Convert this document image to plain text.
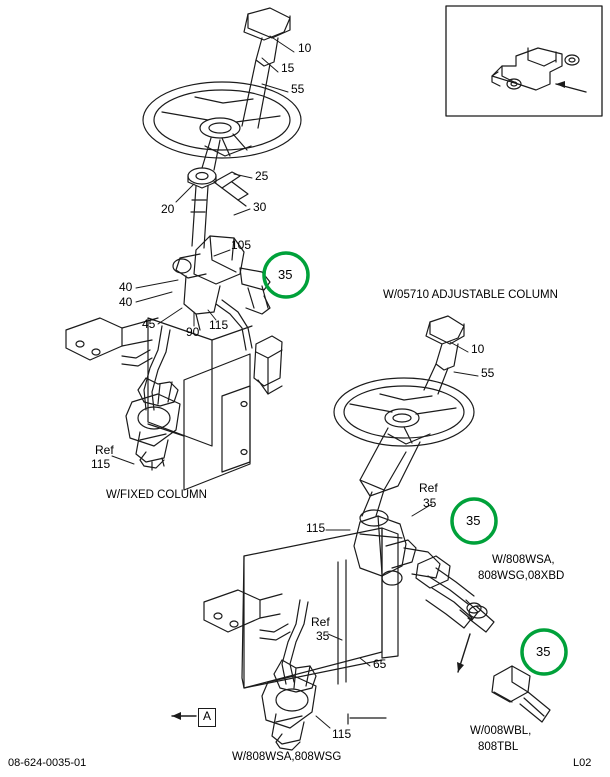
10
15
55
25
20	30
105
40
40
45
90 115
Ref
115
10
55
Ref
35
115
Ref
35
65
115
35
35
35
A
W/FIXED COLUMN
W/05710 ADJUSTABLE COLUMN
W/808WSA,808WSG
W/808WSA,
808WSG,08XBD
W/008WBL,
808TBL
08-624-0035-01	L02
